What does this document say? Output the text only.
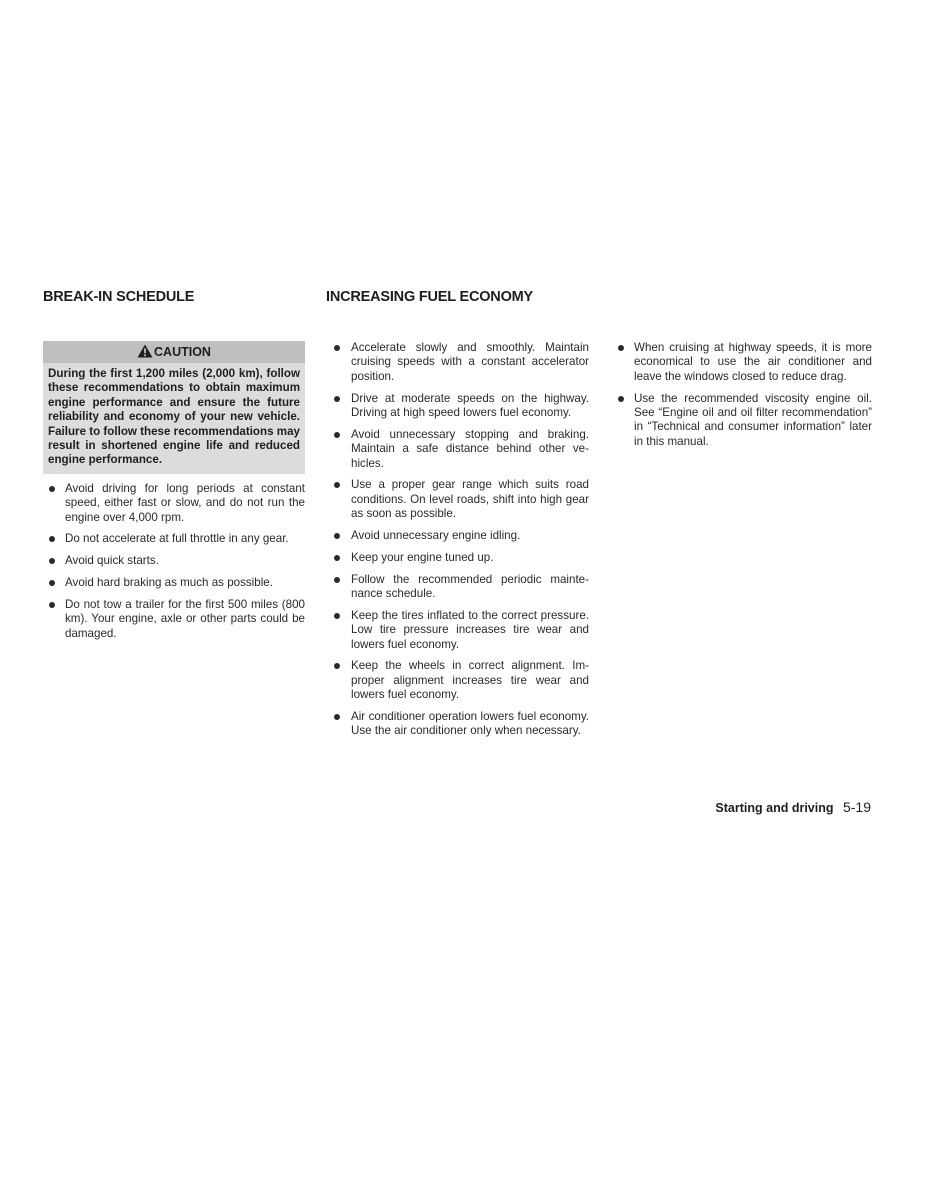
BREAK-IN SCHEDULE	INCREASING FUEL ECONOMY
CAUTION
During the first 1,200 miles (2,000 km), follow these recommendations to obtain maximum engine performance and ensure the future reliability and economy of your new vehicle. Failure to follow these recommendations may result in shortened engine life and reduced engine performance.
Avoid driving for long periods at constant speed, either fast or slow, and do not run the engine over 4,000 rpm.
Do not accelerate at full throttle in any gear.
Avoid quick starts.
Avoid hard braking as much as possible.
Do not tow a trailer for the first 500 miles (800 km). Your engine, axle or other parts could be damaged.
Accelerate slowly and smoothly. Maintain cruising speeds with a constant accelerator position.
Drive at moderate speeds on the highway. Driving at high speed lowers fuel economy.
Avoid unnecessary stopping and braking. Maintain a safe distance behind other vehicles.
Use a proper gear range which suits road conditions. On level roads, shift into high gear as soon as possible.
Avoid unnecessary engine idling.
Keep your engine tuned up.
Follow the recommended periodic maintenance schedule.
Keep the tires inflated to the correct pressure. Low tire pressure increases tire wear and lowers fuel economy.
Keep the wheels in correct alignment. Improper alignment increases tire wear and lowers fuel economy.
Air conditioner operation lowers fuel economy. Use the air conditioner only when necessary.
When cruising at highway speeds, it is more economical to use the air conditioner and leave the windows closed to reduce drag.
Use the recommended viscosity engine oil. See “Engine oil and oil filter recommendation” in “Technical and consumer information” later in this manual.
Starting and driving 5-19
